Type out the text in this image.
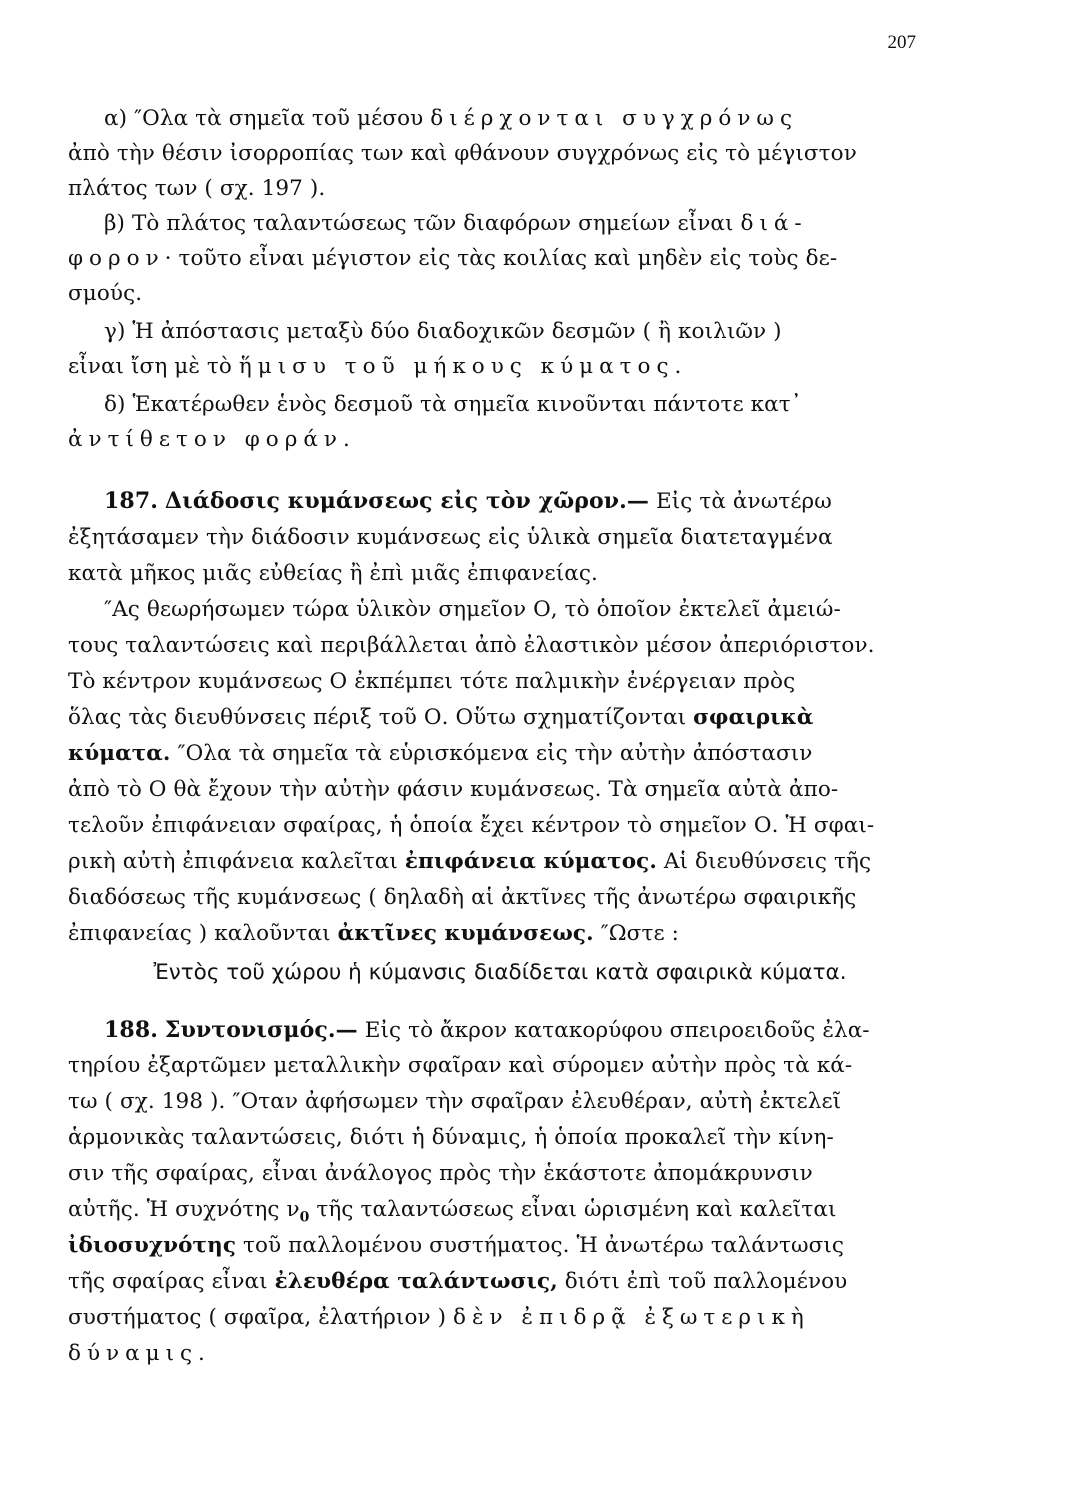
207
α) ″Ολα τὰ σημεῖα τοῦ μέσου διέρχονται συγχρόνως
ἀπὸ τὴν θέσιν ἰσορροπίας των καὶ φθάνουν συγχρόνως εἰς τὸ μέγιστον
πλάτος των ( σχ. 197 ).
β) Τὸ πλάτος ταλαντώσεως τῶν διαφόρων σημείων εἶναι διά-
φορον· τοῦτο εἶναι μέγιστον εἰς τὰς κοιλίας καὶ μηδὲν εἰς τοὺς δε-
σμούς.
γ) Ἡ ἀπόστασις μεταξὺ δύο διαδοχικῶν δεσμῶν ( ἢ κοιλιῶν )
εἶναι ἴση μὲ τὸ ἥμισυ τοῦ μήκους κύματος.
δ) Ἑκατέρωθεν ἑνὸς δεσμοῦ τὰ σημεῖα κινοῦνται πάντοτε κατ᾽
ἀντίθετον φοράν.
187. Διάδοσις κυμάνσεως εἰς τὸν χῶρον.— Εἰς τὰ ἀνωτέρω
ἐξητάσαμεν τὴν διάδοσιν κυμάνσεως εἰς ὑλικὰ σημεῖα διατεταγμένα
κατὰ μῆκος μιᾶς εὐθείας ἢ ἐπὶ μιᾶς ἐπιφανείας.
″Ας θεωρήσωμεν τώρα ὑλικὸν σημεῖον Ο, τὸ ὁποῖον ἐκτελεῖ ἀμειώ-
τους ταλαντώσεις καὶ περιβάλλεται ἀπὸ ἐλαστικὸν μέσον ἀπεριόριστον.
Τὸ κέντρον κυμάνσεως Ο ἐκπέμπει τότε παλμικὴν ἐνέργειαν πρὸς
ὅλας τὰς διευθύνσεις πέριξ τοῦ Ο. Οὕτω σχηματίζονται σφαιρικὰ
κύματα. ″Ολα τὰ σημεῖα τὰ εὑρισκόμενα εἰς τὴν αὐτὴν ἀπόστασιν
ἀπὸ τὸ Ο θὰ ἔχουν τὴν αὐτὴν φάσιν κυμάνσεως. Τὰ σημεῖα αὐτὰ ἀπο-
τελοῦν ἐπιφάνειαν σφαίρας, ἡ ὁποία ἔχει κέντρον τὸ σημεῖον Ο. Ἡ σφαι-
ρικὴ αὐτὴ ἐπιφάνεια καλεῖται ἐπιφάνεια κύματος. Αἱ διευθύνσεις τῆς
διαδόσεως τῆς κυμάνσεως ( δηλαδὴ αἱ ἀκτῖνες τῆς ἀνωτέρω σφαιρικῆς
ἐπιφανείας ) καλοῦνται ἀκτῖνες κυμάνσεως. ″Ωστε :
Ἐντὸς τοῦ χώρου ἡ κύμανσις διαδίδεται κατὰ σφαιρικὰ κύματα.
188. Συντονισμός.— Εἰς τὸ ἄκρον κατακορύφου σπειροειδοῦς ἐλα-
τηρίου ἐξαρτῶμεν μεταλλικὴν σφαῖραν καὶ σύρομεν αὐτὴν πρὸς τὰ κά-
τω ( σχ. 198 ). ″Οταν ἀφήσωμεν τὴν σφαῖραν ἐλευθέραν, αὐτὴ ἐκτελεῖ
ἁρμονικὰς ταλαντώσεις, διότι ἡ δύναμις, ἡ ὁποία προκαλεῖ τὴν κίνη-
σιν τῆς σφαίρας, εἶναι ἀνάλογος πρὸς τὴν ἑκάστοτε ἀπομάκρυνσιν
αὐτῆς. Ἡ συχνότης $\nu_0$ τῆς ταλαντώσεως εἶναι ὡρισμένη καὶ καλεῖται
ἰδιοσυχνότης τοῦ παλλομένου συστήματος. Ἡ ἀνωτέρω ταλάντωσις
τῆς σφαίρας εἶναι ἐλευθέρα ταλάντωσις, διότι ἐπὶ τοῦ παλλομένου
συστήματος ( σφαῖρα, ἐλατήριον ) δὲν ἐπιδρᾷ ἐξωτερικὴ
δύναμις.
